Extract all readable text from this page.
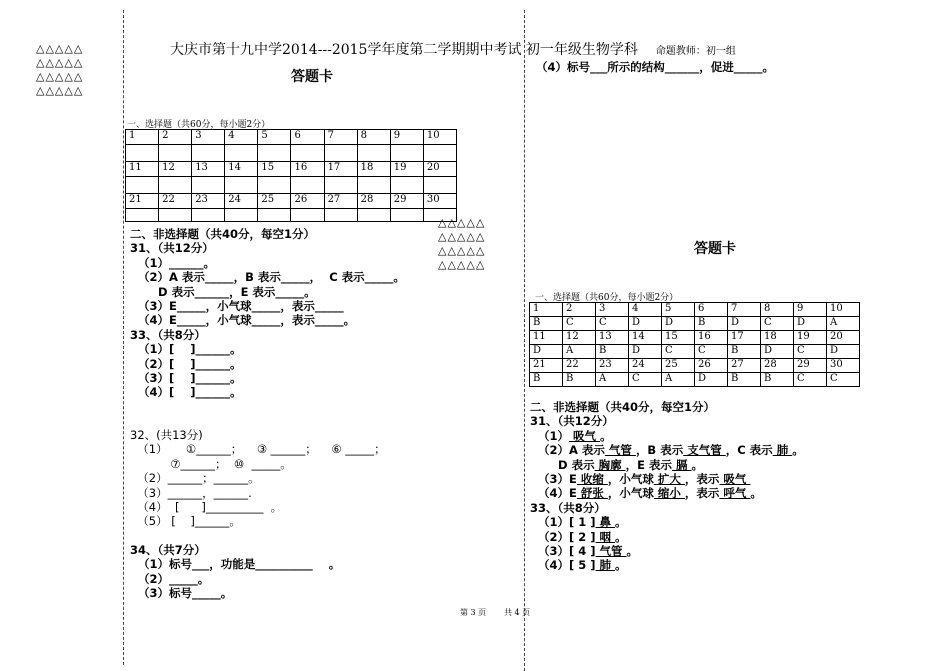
△△△△△
△△△△△
△△△△△
△△△△△
△△△△△
△△△△△
△△△△△
△△△△△
大庆市第十九中学2014---2015学年度第二学期期中考试 初一年级生物学科 命题教师：初一组
答题卡
一、选择题（共60分，每小题2分）
1	2	3	4	5	6	7	8	9	10

11	12	13	14	15	16	17	18	19	20

21	22	23	24	25	26	27	28	29	30

二、非选择题（共40分，每空1分）
31、（共12分）
（1）______。
（2）A 表示_____，B 表示_____，  C 表示_____。
D 表示______，E 表示_____。
（3）E_____，小气球_____，表示_____
（4）E_____，小气球_____，表示_____。
33、（共8分）
（1）[    ]______。
（2）[    ]______。
（3）[    ]______。
（4）[    ]______。
32、(共13分)
（1）     ①______；    ③ ______；    ⑥ _____；
⑦______；  ⑩  _____。
（2）______；______。
（3）______，______.
（4）  [      ]__________  。
（5） [    ]______。
34、（共7分）
（1）标号___，功能是__________    。
（2）_____。
（3）标号_____。
第 3 页       共 4 页
（4）标号___所示的结构______，促进_____。
答题卡
一、选择题（共60分，每小题2分）
1	2	3	4	5	6	7	8	9	10
B	C	C	D	D	B	D	C	D	A
11	12	13	14	15	16	17	18	19	20
D	A	B	D	C	C	B	D	C	D
21	22	23	24	25	26	27	28	29	30
B	B	A	C	A	D	B	B	C	C
二、非选择题（共40分，每空1分）
31、（共12分）
（1） 吸气 。
（2）A 表示 气管 ，B 表示 支气管 ，C 表示 肺 。
D 表示 胸廓 ，E 表示 膈 。
（3）E 收缩 ，小气球 扩大 ，表示 吸气
（4）E 舒张 ，小气球 缩小 ，表示 呼气 。
33、（共8分）
（1）[ 1 ] 鼻 。
（2）[ 2 ] 咽 。
（3）[ 4 ] 气管 。
（4）[ 5 ] 肺 。
